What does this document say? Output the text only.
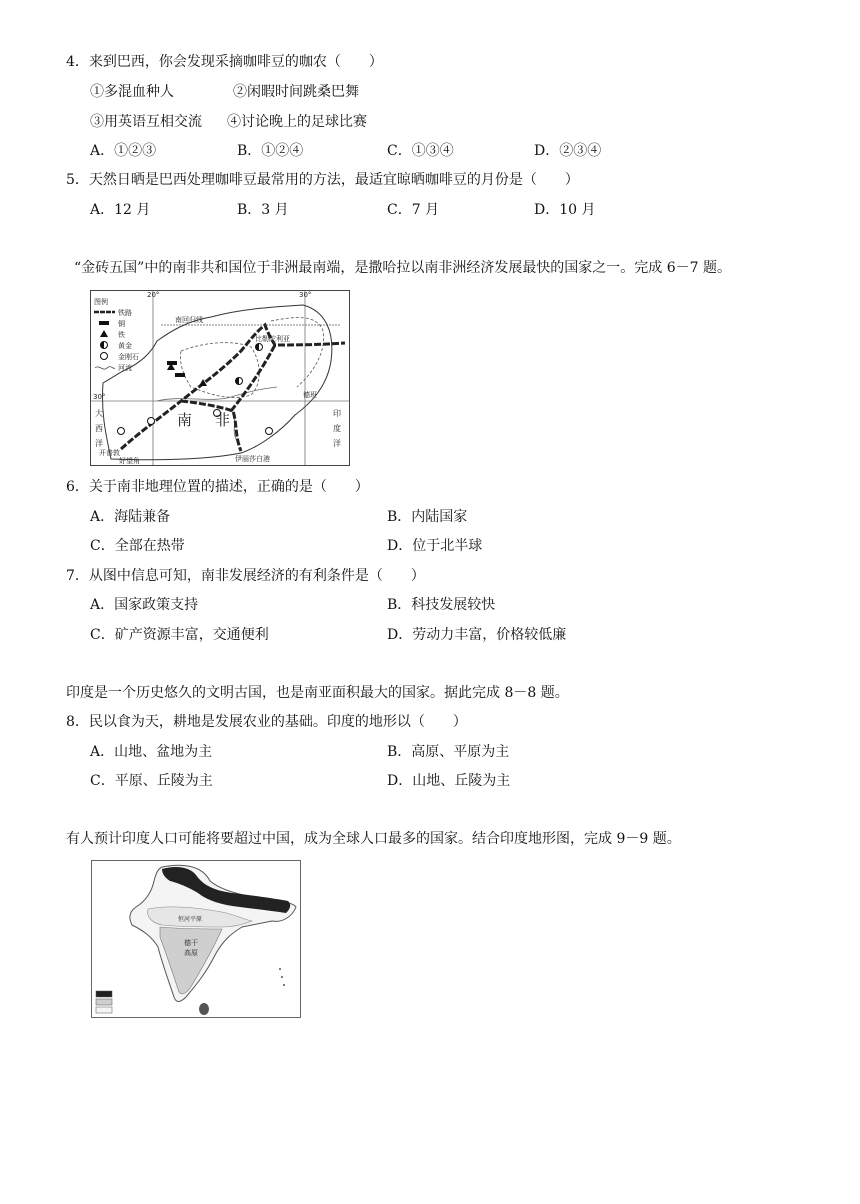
4．来到巴西，你会发现采摘咖啡豆的咖农（　　）
①多混血种人	②闲暇时间跳桑巴舞
③用英语互相交流 ④讨论晚上的足球比赛
A．①②③	B．①②④	C．①③④	D．②③④
5．天然日晒是巴西处理咖啡豆最常用的方法，最适宜晾晒咖啡豆的月份是（　　）
A．12 月	B．3 月	C．7 月	D．10 月
“金砖五国”中的南非共和国位于非洲最南端，是撒哈拉以南非洲经济发展最快的国家之一。完成 6－7 题。
20°	30°
30°
南回归线
图例
铁路
铜
铁
黄金
金刚石
河流
比勒陀利亚
德班
南 非
大
西
洋
印
度
洋
开普敦
好望角	伊丽莎白港
6．关于南非地理位置的描述，正确的是（　　）
A．海陆兼备	B．内陆国家
C．全部在热带	D．位于北半球
7．从图中信息可知，南非发展经济的有利条件是（　　）
A．国家政策支持	B．科技发展较快
C．矿产资源丰富，交通便利	D．劳动力丰富，价格较低廉
印度是一个历史悠久的文明古国，也是南亚面积最大的国家。据此完成 8－8 题。
8．民以食为天，耕地是发展农业的基础。印度的地形以（　　）
A．山地、盆地为主	B．高原、平原为主
C．平原、丘陵为主	D．山地、丘陵为主
有人预计印度人口可能将要超过中国，成为全球人口最多的国家。结合印度地形图，完成 9－9 题。
恒河平原
德干
高原
